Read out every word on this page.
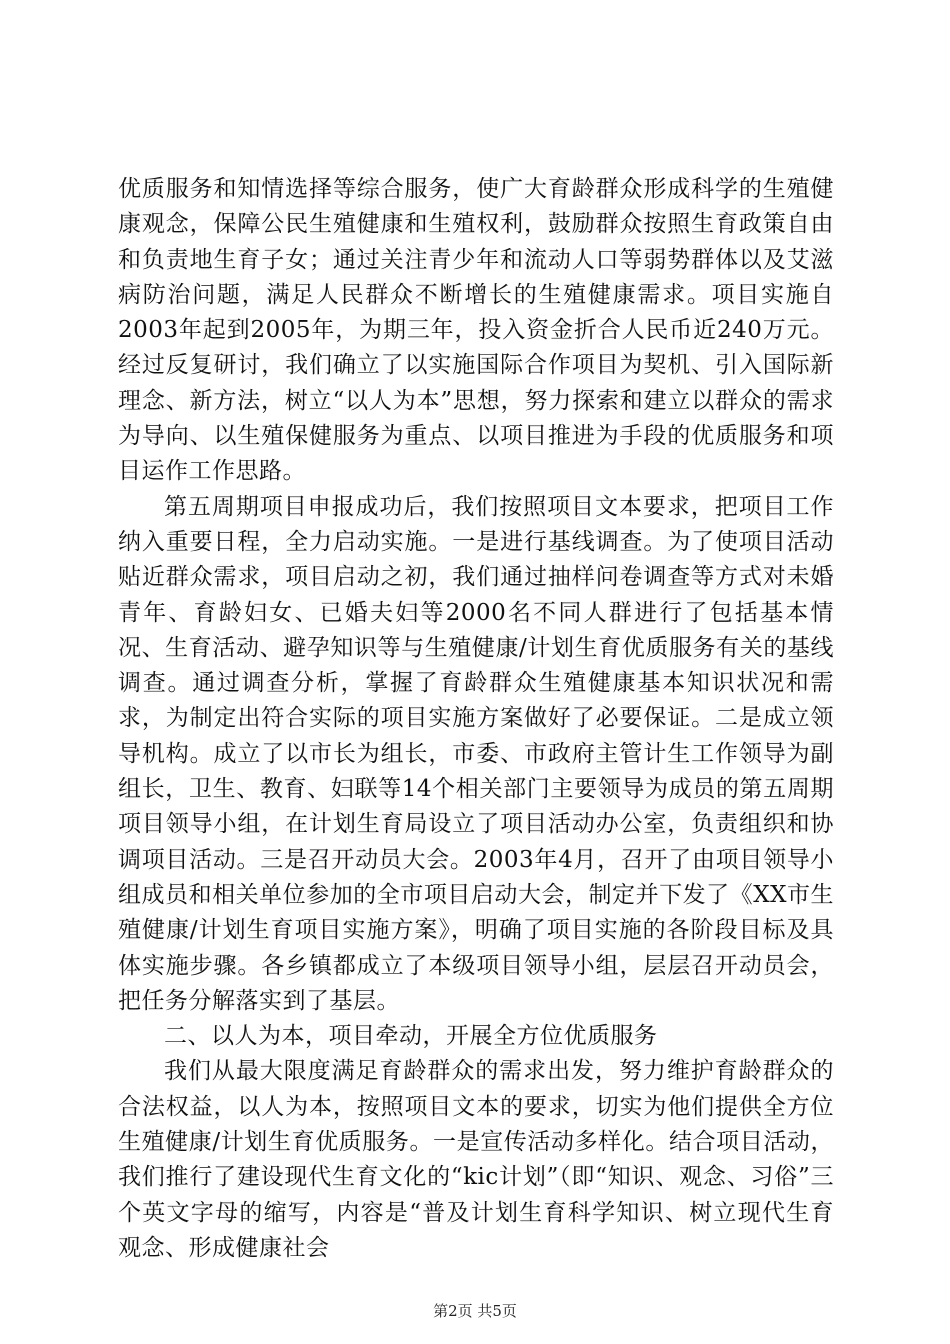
优质服务和知情选择等综合服务，使广大育龄群众形成科学的生殖健康观念，保障公民生殖健康和生殖权利，鼓励群众按照生育政策自由和负责地生育子女；通过关注青少年和流动人口等弱势群体以及艾滋病防治问题，满足人民群众不断增长的生殖健康需求。项目实施自2003年起到2005年，为期三年，投入资金折合人民币近240万元。经过反复研讨，我们确立了以实施国际合作项目为契机、引入国际新理念、新方法，树立“以人为本”思想，努力探索和建立以群众的需求为导向、以生殖保健服务为重点、以项目推进为手段的优质服务和项目运作工作思路。

第五周期项目申报成功后，我们按照项目文本要求，把项目工作纳入重要日程，全力启动实施。一是进行基线调查。为了使项目活动贴近群众需求，项目启动之初，我们通过抽样问卷调查等方式对未婚青年、育龄妇女、已婚夫妇等2000名不同人群进行了包括基本情况、生育活动、避孕知识等与生殖健康/计划生育优质服务有关的基线调查。通过调查分析，掌握了育龄群众生殖健康基本知识状况和需求，为制定出符合实际的项目实施方案做好了必要保证。二是成立领导机构。成立了以市长为组长，市委、市政府主管计生工作领导为副组长，卫生、教育、妇联等14个相关部门主要领导为成员的第五周期项目领导小组，在计划生育局设立了项目活动办公室，负责组织和协调项目活动。三是召开动员大会。2003年4月，召开了由项目领导小组成员和相关单位参加的全市项目启动大会，制定并下发了《XX市生殖健康/计划生育项目实施方案》，明确了项目实施的各阶段目标及具体实施步骤。各乡镇都成立了本级项目领导小组，层层召开动员会，把任务分解落实到了基层。

二、以人为本，项目牵动，开展全方位优质服务

我们从最大限度满足育龄群众的需求出发，努力维护育龄群众的合法权益，以人为本，按照项目文本的要求，切实为他们提供全方位生殖健康/计划生育优质服务。一是宣传活动多样化。结合项目活动，我们推行了建设现代生育文化的“kic计划”（即“知识、观念、习俗”三个英文字母的缩写，内容是“普及计划生育科学知识、树立现代生育观念、形成健康社会

第2页 共5页
